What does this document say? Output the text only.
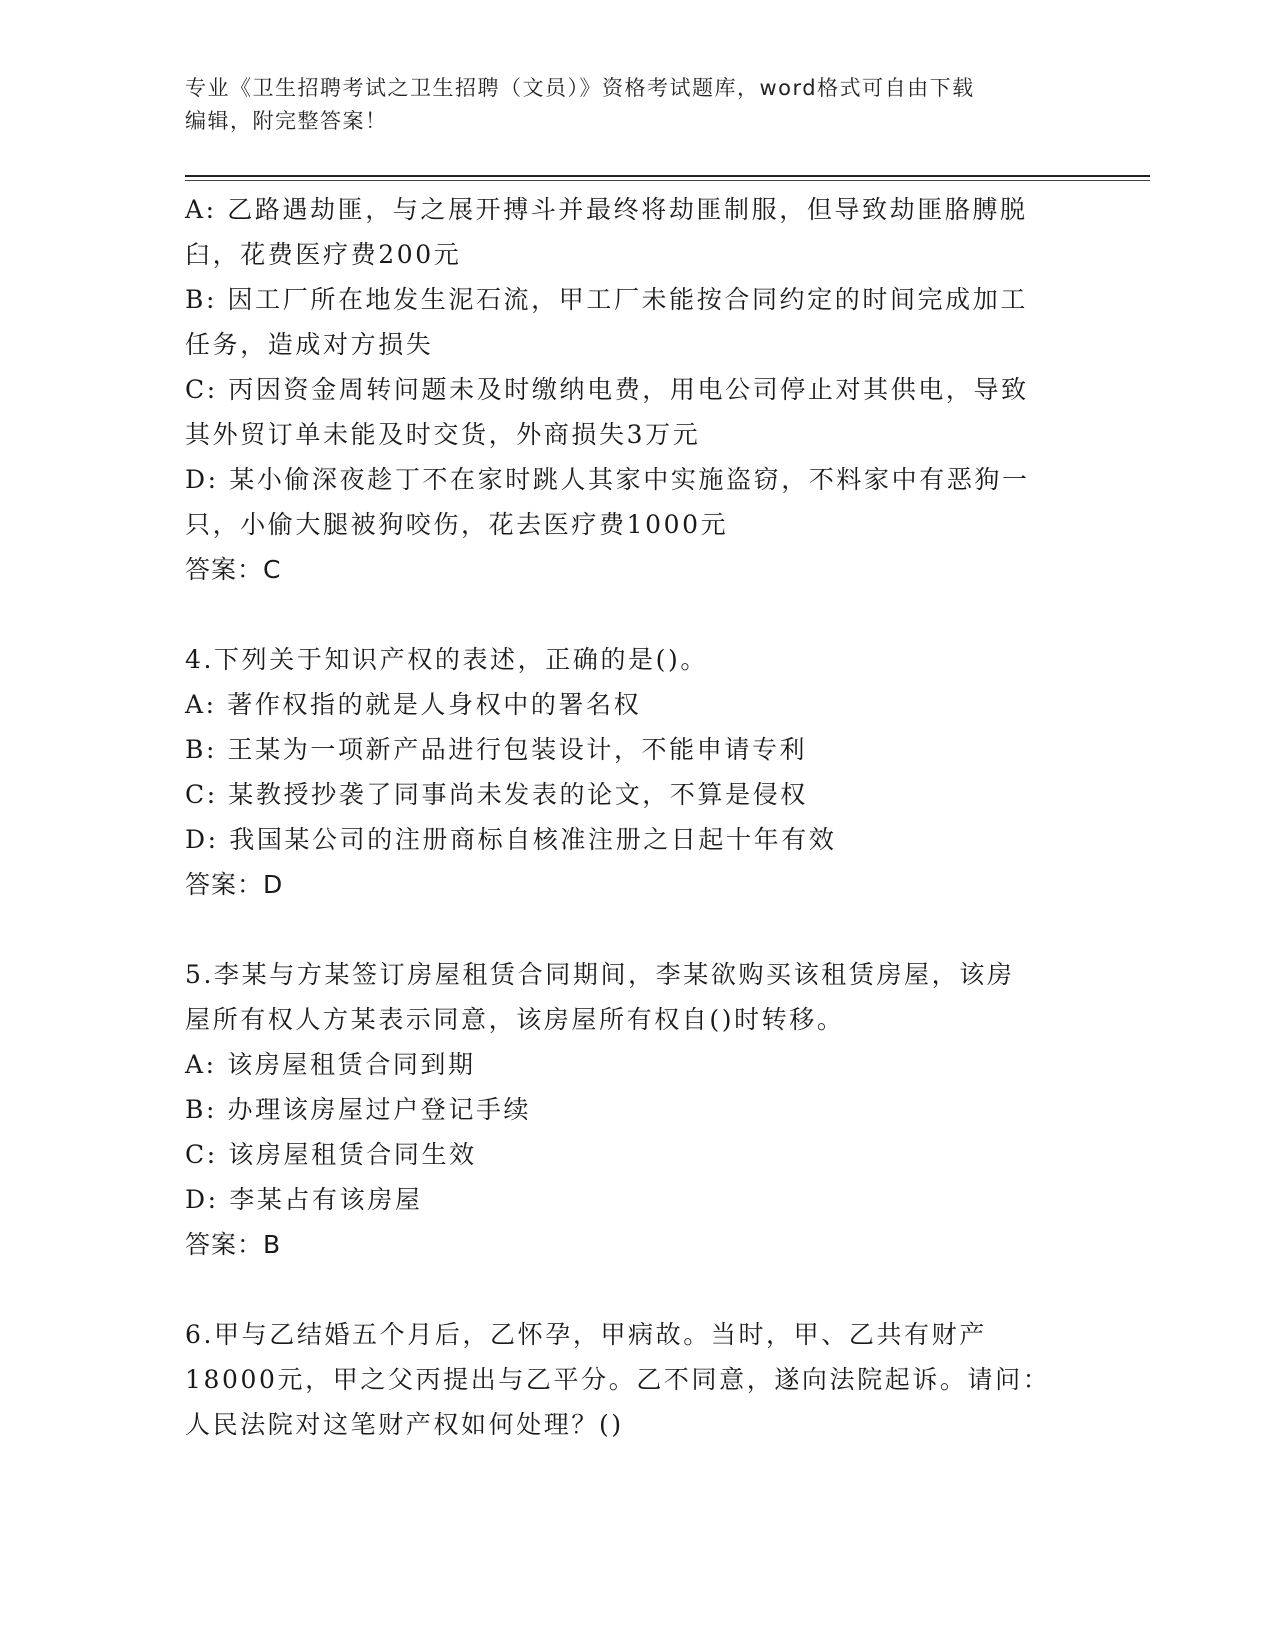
专业《卫生招聘考试之卫生招聘（文员）》资格考试题库，word格式可自由下载
编辑，附完整答案！
A: 乙路遇劫匪，与之展开搏斗并最终将劫匪制服，但导致劫匪胳膊脱
臼，花费医疗费200元
B: 因工厂所在地发生泥石流，甲工厂未能按合同约定的时间完成加工
任务，造成对方损失
C: 丙因资金周转问题未及时缴纳电费，用电公司停止对其供电，导致
其外贸订单未能及时交货，外商损失3万元
D: 某小偷深夜趁丁不在家时跳人其家中实施盗窃，不料家中有恶狗一
只，小偷大腿被狗咬伤，花去医疗费1000元
答案：C
4.下列关于知识产权的表述，正确的是()。
A: 著作权指的就是人身权中的署名权
B: 王某为一项新产品进行包装设计，不能申请专利
C: 某教授抄袭了同事尚未发表的论文，不算是侵权
D: 我国某公司的注册商标自核准注册之日起十年有效
答案：D
5.李某与方某签订房屋租赁合同期间，李某欲购买该租赁房屋，该房
屋所有权人方某表示同意，该房屋所有权自()时转移。
A: 该房屋租赁合同到期
B: 办理该房屋过户登记手续
C: 该房屋租赁合同生效
D: 李某占有该房屋
答案：B
6.甲与乙结婚五个月后，乙怀孕，甲病故。当时，甲、乙共有财产
18000元，甲之父丙提出与乙平分。乙不同意，遂向法院起诉。请问：
人民法院对这笔财产权如何处理？()
